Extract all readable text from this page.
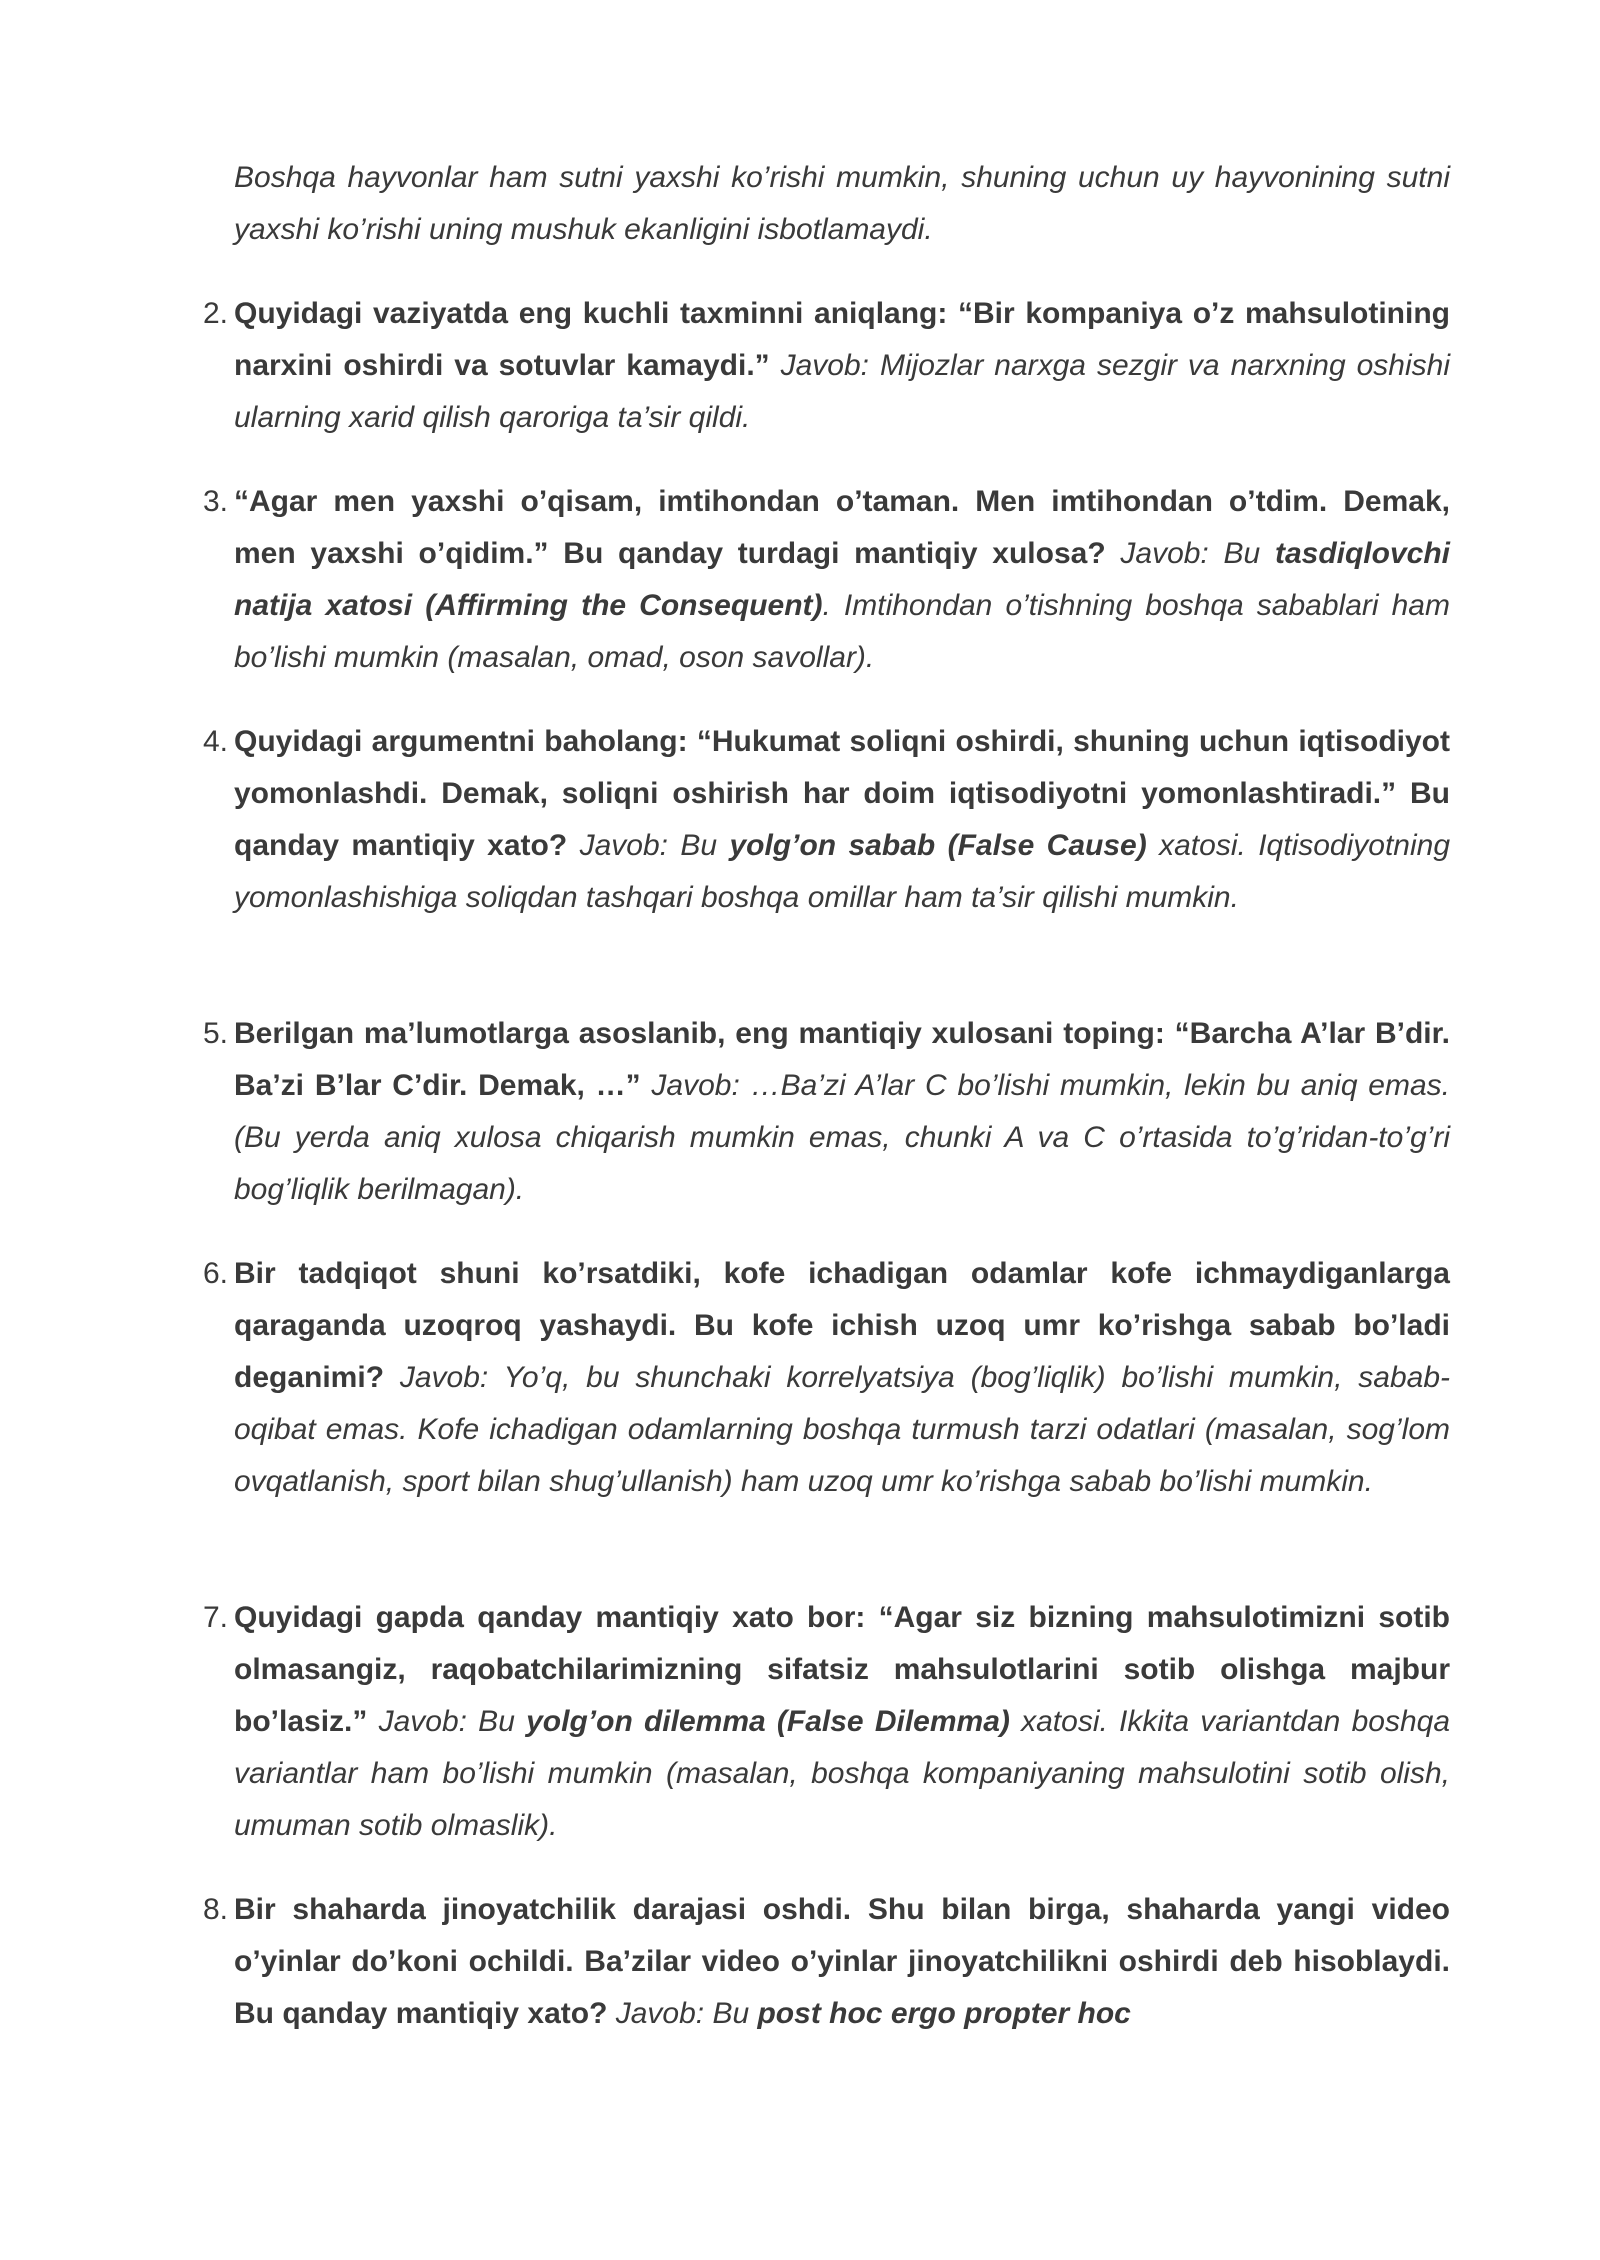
Boshqa hayvonlar ham sutni yaxshi ko’rishi mumkin, shuning uchun uy hayvonining sutni yaxshi ko’rishi uning mushuk ekanligini isbotlamaydi.

2. Quyidagi vaziyatda eng kuchli taxminni aniqlang: “Bir kompaniya o’z mahsulotining narxini oshirdi va sotuvlar kamaydi.” Javob: Mijozlar narxga sezgir va narxning oshishi ularning xarid qilish qaroriga ta’sir qildi.

3. “Agar men yaxshi o’qisam, imtihondan o’taman. Men imtihondan o’tdim. Demak, men yaxshi o’qidim.” Bu qanday turdagi mantiqiy xulosa? Javob: Bu tasdiqlovchi natija xatosi (Affirming the Consequent). Imtihondan o’tishning boshqa sabablari ham bo’lishi mumkin (masalan, omad, oson savollar).

4. Quyidagi argumentni baholang: “Hukumat soliqni oshirdi, shuning uchun iqtisodiyot yomonlashdi. Demak, soliqni oshirish har doim iqtisodiyotni yomonlashtiradi.” Bu qanday mantiqiy xato? Javob: Bu yolg’on sabab (False Cause) xatosi. Iqtisodiyotning yomonlashishiga soliqdan tashqari boshqa omillar ham ta’sir qilishi mumkin.

5. Berilgan ma’lumotlarga asoslanib, eng mantiqiy xulosani toping: “Barcha A’lar B’dir. Ba’zi B’lar C’dir. Demak, …” Javob: …Ba’zi A’lar C bo’lishi mumkin, lekin bu aniq emas. (Bu yerda aniq xulosa chiqarish mumkin emas, chunki A va C o’rtasida to’g’ridan-to’g’ri bog’liqlik berilmagan).

6. Bir tadqiqot shuni ko’rsatdiki, kofe ichadigan odamlar kofe ichmaydiganlarga qaraganda uzoqroq yashaydi. Bu kofe ichish uzoq umr ko’rishga sabab bo’ladi deganimi? Javob: Yo’q, bu shunchaki korrelyatsiya (bog’liqlik) bo’lishi mumkin, sabab-oqibat emas. Kofe ichadigan odamlarning boshqa turmush tarzi odatlari (masalan, sog’lom ovqatlanish, sport bilan shug’ullanish) ham uzoq umr ko’rishga sabab bo’lishi mumkin.

7. Quyidagi gapda qanday mantiqiy xato bor: “Agar siz bizning mahsulotimizni sotib olmasangiz, raqobatchilarimizning sifatsiz mahsulotlarini sotib olishga majbur bo’lasiz.” Javob: Bu yolg’on dilemma (False Dilemma) xatosi. Ikkita variantdan boshqa variantlar ham bo’lishi mumkin (masalan, boshqa kompaniyaning mahsulotini sotib olish, umuman sotib olmaslik).

8. Bir shaharda jinoyatchilik darajasi oshdi. Shu bilan birga, shaharda yangi video o’yinlar do’koni ochildi. Ba’zilar video o’yinlar jinoyatchilikni oshirdi deb hisoblaydi. Bu qanday mantiqiy xato? Javob: Bu post hoc ergo propter hoc
